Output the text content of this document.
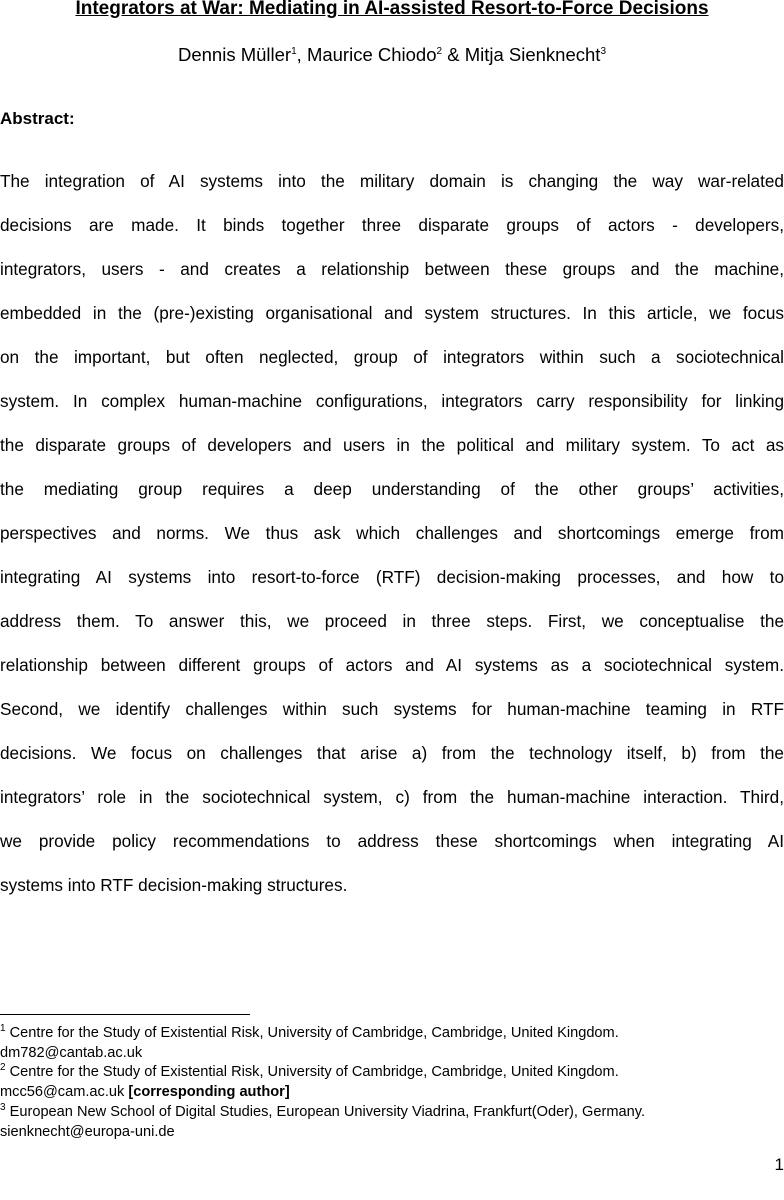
Integrators at War: Mediating in AI-assisted Resort-to-Force Decisions

Dennis Müller$^1$, Maurice Chiodo$^2$ & Mitja Sienknecht$^3$

Abstract:

The integration of AI systems into the military domain is changing the way war-related
decisions are made. It binds together three disparate groups of actors - developers,
integrators, users - and creates a relationship between these groups and the machine,
embedded in the (pre-)existing organisational and system structures. In this article, we focus
on the important, but often neglected, group of integrators within such a sociotechnical
system. In complex human-machine configurations, integrators carry responsibility for linking
the disparate groups of developers and users in the political and military system. To act as
the mediating group requires a deep understanding of the other groups’ activities,
perspectives and norms. We thus ask which challenges and shortcomings emerge from
integrating AI systems into resort-to-force (RTF) decision-making processes, and how to
address them. To answer this, we proceed in three steps. First, we conceptualise the
relationship between different groups of actors and AI systems as a sociotechnical system.
Second, we identify challenges within such systems for human-machine teaming in RTF
decisions. We focus on challenges that arise a) from the technology itself, b) from the
integrators’ role in the sociotechnical system, c) from the human-machine interaction. Third,
we provide policy recommendations to address these shortcomings when integrating AI
systems into RTF decision-making structures.
$^1$ Centre for the Study of Existential Risk, University of Cambridge, Cambridge, United Kingdom.
dm782@cantab.ac.uk
$^2$ Centre for the Study of Existential Risk, University of Cambridge, Cambridge, United Kingdom.
mcc56@cam.ac.uk [corresponding author]
$^3$ European New School of Digital Studies, European University Viadrina, Frankfurt(Oder), Germany.
sienknecht@europa-uni.de

1
